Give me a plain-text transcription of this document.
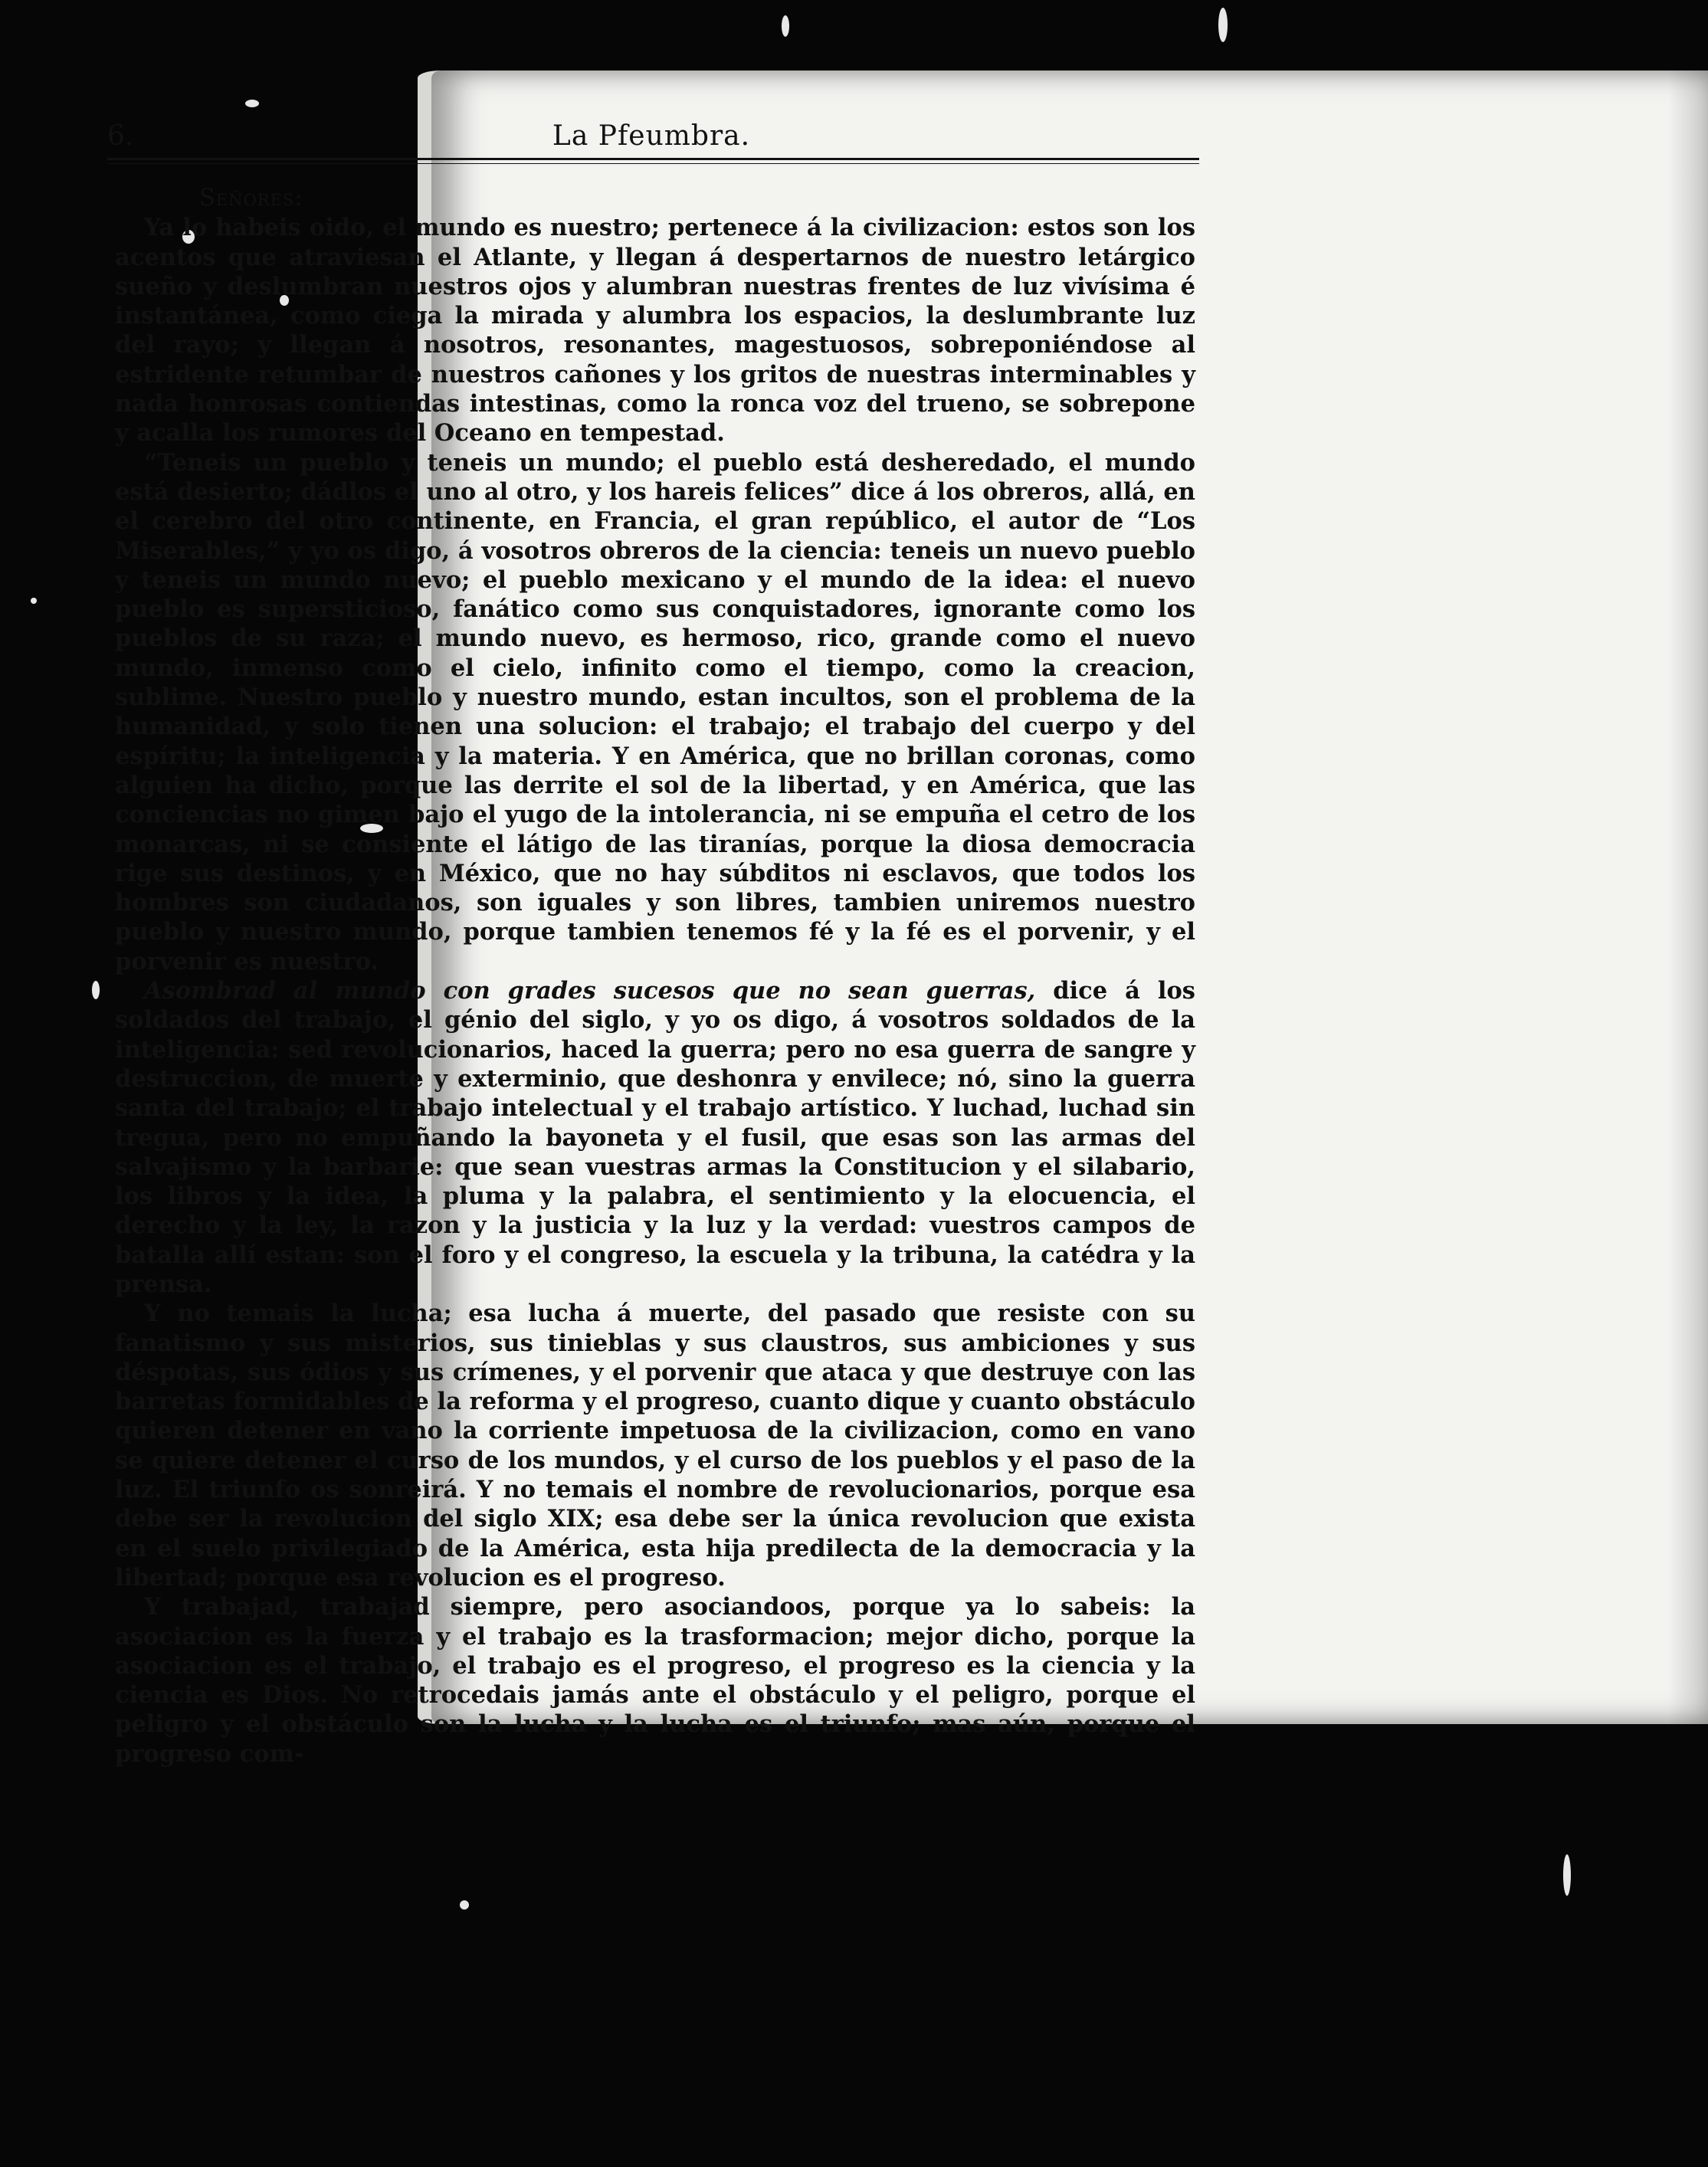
6.	La Pfeumbra.
Señores:

Ya lo habeis oido, el mundo es nuestro; pertenece á la civilizacion: estos son los acentos que atraviesan el Atlante, y llegan á despertarnos de nuestro letárgico sueño y deslumbran nuestros ojos y alumbran nuestras frentes de luz vivísima é instantánea, como ciega la mirada y alumbra los espacios, la deslumbrante luz del rayo; y llegan á nosotros, resonantes, magestuosos, sobreponiéndose al estridente retumbar de nuestros cañones y los gritos de nuestras interminables y nada honrosas contiendas intestinas, como la ronca voz del trueno, se sobrepone y acalla los rumores del Oceano en tempestad.

“Teneis un pueblo y teneis un mundo; el pueblo está desheredado, el mundo está desierto; dádlos el uno al otro, y los hareis felices” dice á los obreros, allá, en el cerebro del otro continente, en Francia, el gran repúblico, el autor de “Los Miserables,” y yo os digo, á vosotros obreros de la ciencia: teneis un nuevo pueblo y teneis un mundo nuevo; el pueblo mexicano y el mundo de la idea: el nuevo pueblo es supersticioso, fanático como sus conquistadores, ignorante como los pueblos de su raza; el mundo nuevo, es hermoso, rico, grande como el nuevo mundo, inmenso como el cielo, infinito como el tiempo, como la creacion, sublime. Nuestro pueblo y nuestro mundo, estan incultos, son el problema de la humanidad, y solo tienen una solucion: el trabajo; el trabajo del cuerpo y del espíritu; la inteligencia y la materia. Y en América, que no brillan coronas, como alguien ha dicho, porque las derrite el sol de la libertad, y en América, que las conciencias no gimen bajo el yugo de la intolerancia, ni se empuña el cetro de los monarcas, ni se consiente el látigo de las tiranías, porque la diosa democracia rige sus destinos, y en México, que no hay súbditos ni esclavos, que todos los hombres son ciudadanos, son iguales y son libres, tambien uniremos nuestro pueblo y nuestro mundo, porque tambien tenemos fé y la fé es el porvenir, y el porvenir es nuestro.

Asombrad al mundo con grades sucesos que no sean guerras, dice á los soldados del trabajo, el génio del siglo, y yo os digo, á vosotros soldados de la inteligencia: sed revolucionarios, haced la guerra; pero no esa guerra de sangre y destruccion, de muerte y exterminio, que deshonra y envilece; nó, sino la guerra santa del trabajo; el trabajo intelectual y el trabajo artístico. Y luchad, luchad sin tregua, pero no empuñando la bayoneta y el fusil, que esas son las armas del salvajismo y la barbarie: que sean vuestras armas la Constitucion y el silabario, los libros y la idea, la pluma y la palabra, el sentimiento y la elocuencia, el derecho y la ley, la razon y la justicia y la luz y la verdad: vuestros campos de batalla allí estan: son el foro y el congreso, la escuela y la tribuna, la catédra y la prensa.

Y no temais la lucha; esa lucha á muerte, del pasado que resiste con su fanatismo y sus misterios, sus tinieblas y sus claustros, sus ambiciones y sus déspotas, sus ódios y sus crímenes, y el porvenir que ataca y que destruye con las barretas formidables de la reforma y el progreso, cuanto dique y cuanto obstáculo quieren detener en vano la corriente impetuosa de la civilizacion, como en vano se quiere detener el curso de los mundos, y el curso de los pueblos y el paso de la luz. El triunfo os sonreirá. Y no temais el nombre de revolucionarios, porque esa debe ser la revolucion del siglo XIX; esa debe ser la única revolucion que exista en el suelo privilegiado de la América, esta hija predilecta de la democracia y la libertad; porque esa revolucion es el progreso.

Y trabajad, trabajad siempre, pero asociandoos, porque ya lo sabeis: la asociacion es la fuerza y el trabajo es la trasformacion; mejor dicho, porque la asociacion es el trabajo, el trabajo es el progreso, el progreso es la ciencia y la ciencia es Dios. No retrocedais jamás ante el obstáculo y el peligro, porque el peligro y el obstáculo son la lucha y la lucha es el triunfo; mas aún, porque el progreso com-
